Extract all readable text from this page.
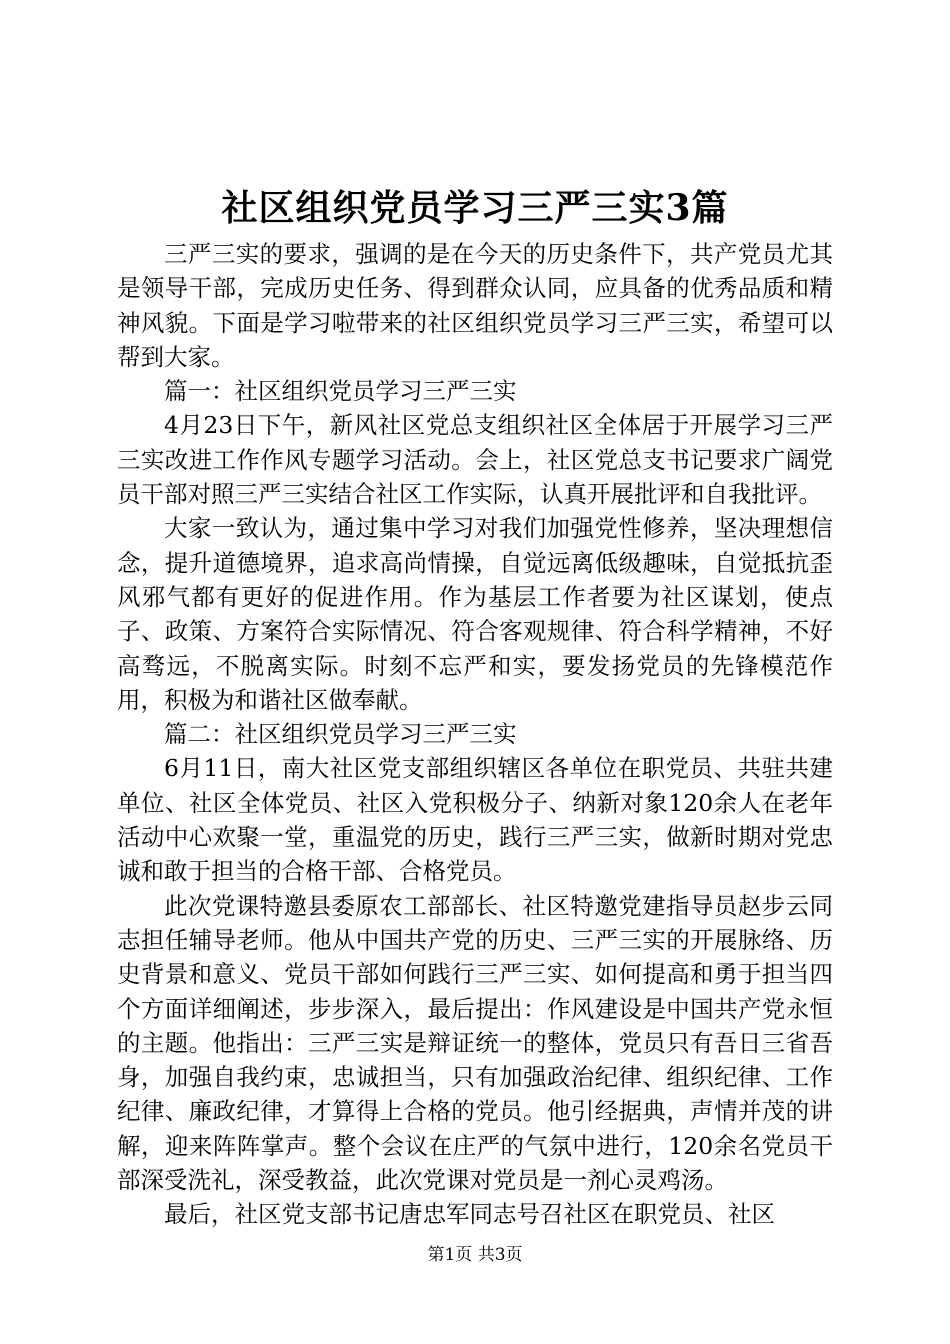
社区组织党员学习三严三实3篇

三严三实的要求，强调的是在今天的历史条件下，共产党员尤其是领导干部，完成历史任务、得到群众认同，应具备的优秀品质和精神风貌。下面是学习啦带来的社区组织党员学习三严三实，希望可以帮到大家。

篇一：社区组织党员学习三严三实

4月23日下午，新风社区党总支组织社区全体居于开展学习三严三实改进工作作风专题学习活动。会上，社区党总支书记要求广阔党员干部对照三严三实结合社区工作实际，认真开展批评和自我批评。

大家一致认为，通过集中学习对我们加强党性修养，坚决理想信念，提升道德境界，追求高尚情操，自觉远离低级趣味，自觉抵抗歪风邪气都有更好的促进作用。作为基层工作者要为社区谋划，使点子、政策、方案符合实际情况、符合客观规律、符合科学精神，不好高骛远，不脱离实际。时刻不忘严和实，要发扬党员的先锋模范作用，积极为和谐社区做奉献。

篇二：社区组织党员学习三严三实

6月11日，南大社区党支部组织辖区各单位在职党员、共驻共建单位、社区全体党员、社区入党积极分子、纳新对象120余人在老年活动中心欢聚一堂，重温党的历史，践行三严三实，做新时期对党忠诚和敢于担当的合格干部、合格党员。

此次党课特邀县委原农工部部长、社区特邀党建指导员赵步云同志担任辅导老师。他从中国共产党的历史、三严三实的开展脉络、历史背景和意义、党员干部如何践行三严三实、如何提高和勇于担当四个方面详细阐述，步步深入，最后提出：作风建设是中国共产党永恒的主题。他指出：三严三实是辩证统一的整体，党员只有吾日三省吾身，加强自我约束，忠诚担当，只有加强政治纪律、组织纪律、工作纪律、廉政纪律，才算得上合格的党员。他引经据典，声情并茂的讲解，迎来阵阵掌声。整个会议在庄严的气氛中进行，120余名党员干部深受洗礼，深受教益，此次党课对党员是一剂心灵鸡汤。

最后，社区党支部书记唐忠军同志号召社区在职党员、社区

第1页 共3页
